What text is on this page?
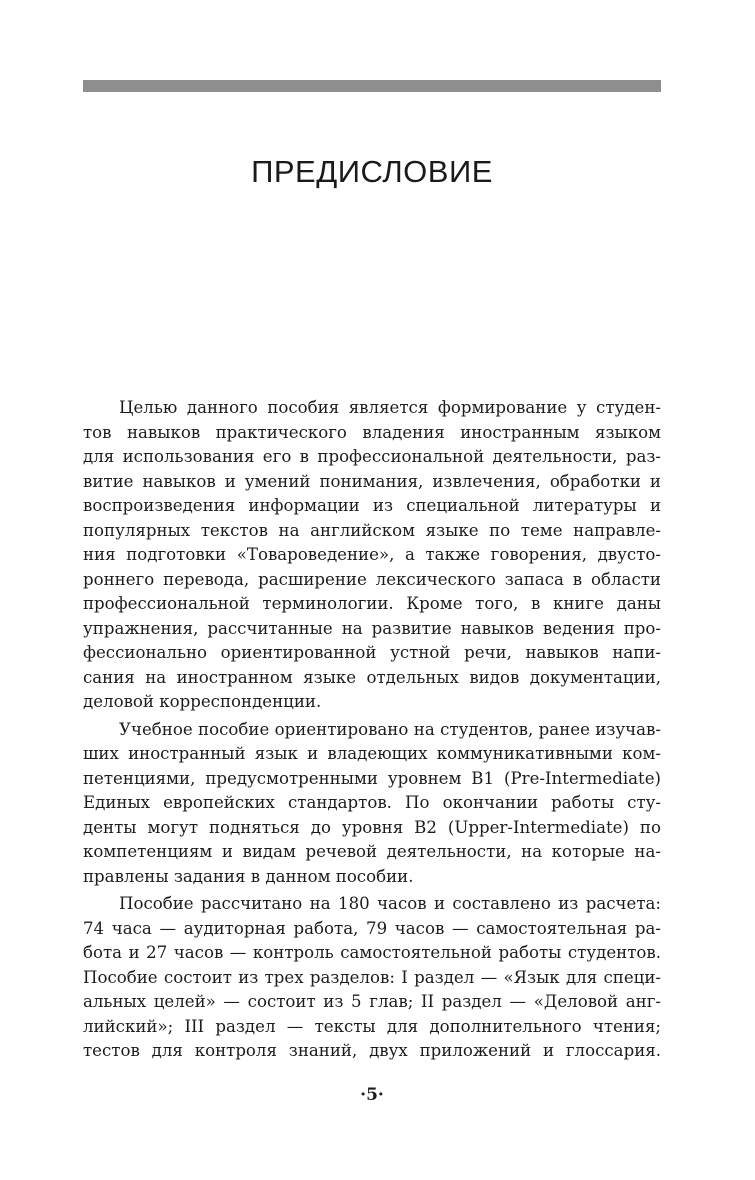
ПРЕДИСЛОВИЕ
Целью данного пособия является формирование у студен-
тов навыков практического владения иностранным языком
для использования его в профессиональной деятельности, раз-
витие навыков и умений понимания, извлечения, обработки и
воспроизведения информации из специальной литературы и
популярных текстов на английском языке по теме направле-
ния подготовки «Товароведение», а также говорения, двусто-
роннего перевода, расширение лексического запаса в области
профессиональной терминологии. Кроме того, в книге даны
упражнения, рассчитанные на развитие навыков ведения про-
фессионально ориентированной устной речи, навыков напи-
сания на иностранном языке отдельных видов документации,
деловой корреспонденции.
Учебное пособие ориентировано на студентов, ранее изучав-
ших иностранный язык и владеющих коммуникативными ком-
петенциями, предусмотренными уровнем В1 (Pre-Intermediate)
Единых европейских стандартов. По окончании работы сту-
денты могут подняться до уровня В2 (Upper-Intermediate) по
компетенциям и видам речевой деятельности, на которые на-
правлены задания в данном пособии.
Пособие рассчитано на 180 часов и составлено из расчета:
74 часа — аудиторная работа, 79 часов — самостоятельная ра-
бота и 27 часов — контроль самостоятельной работы студентов.
Пособие состоит из трех разделов: I раздел — «Язык для специ-
альных целей» — состоит из 5 глав; II раздел — «Деловой анг-
лийский»; III раздел — тексты для дополнительного чтения;
тестов для контроля знаний, двух приложений и глоссария.
·5·
